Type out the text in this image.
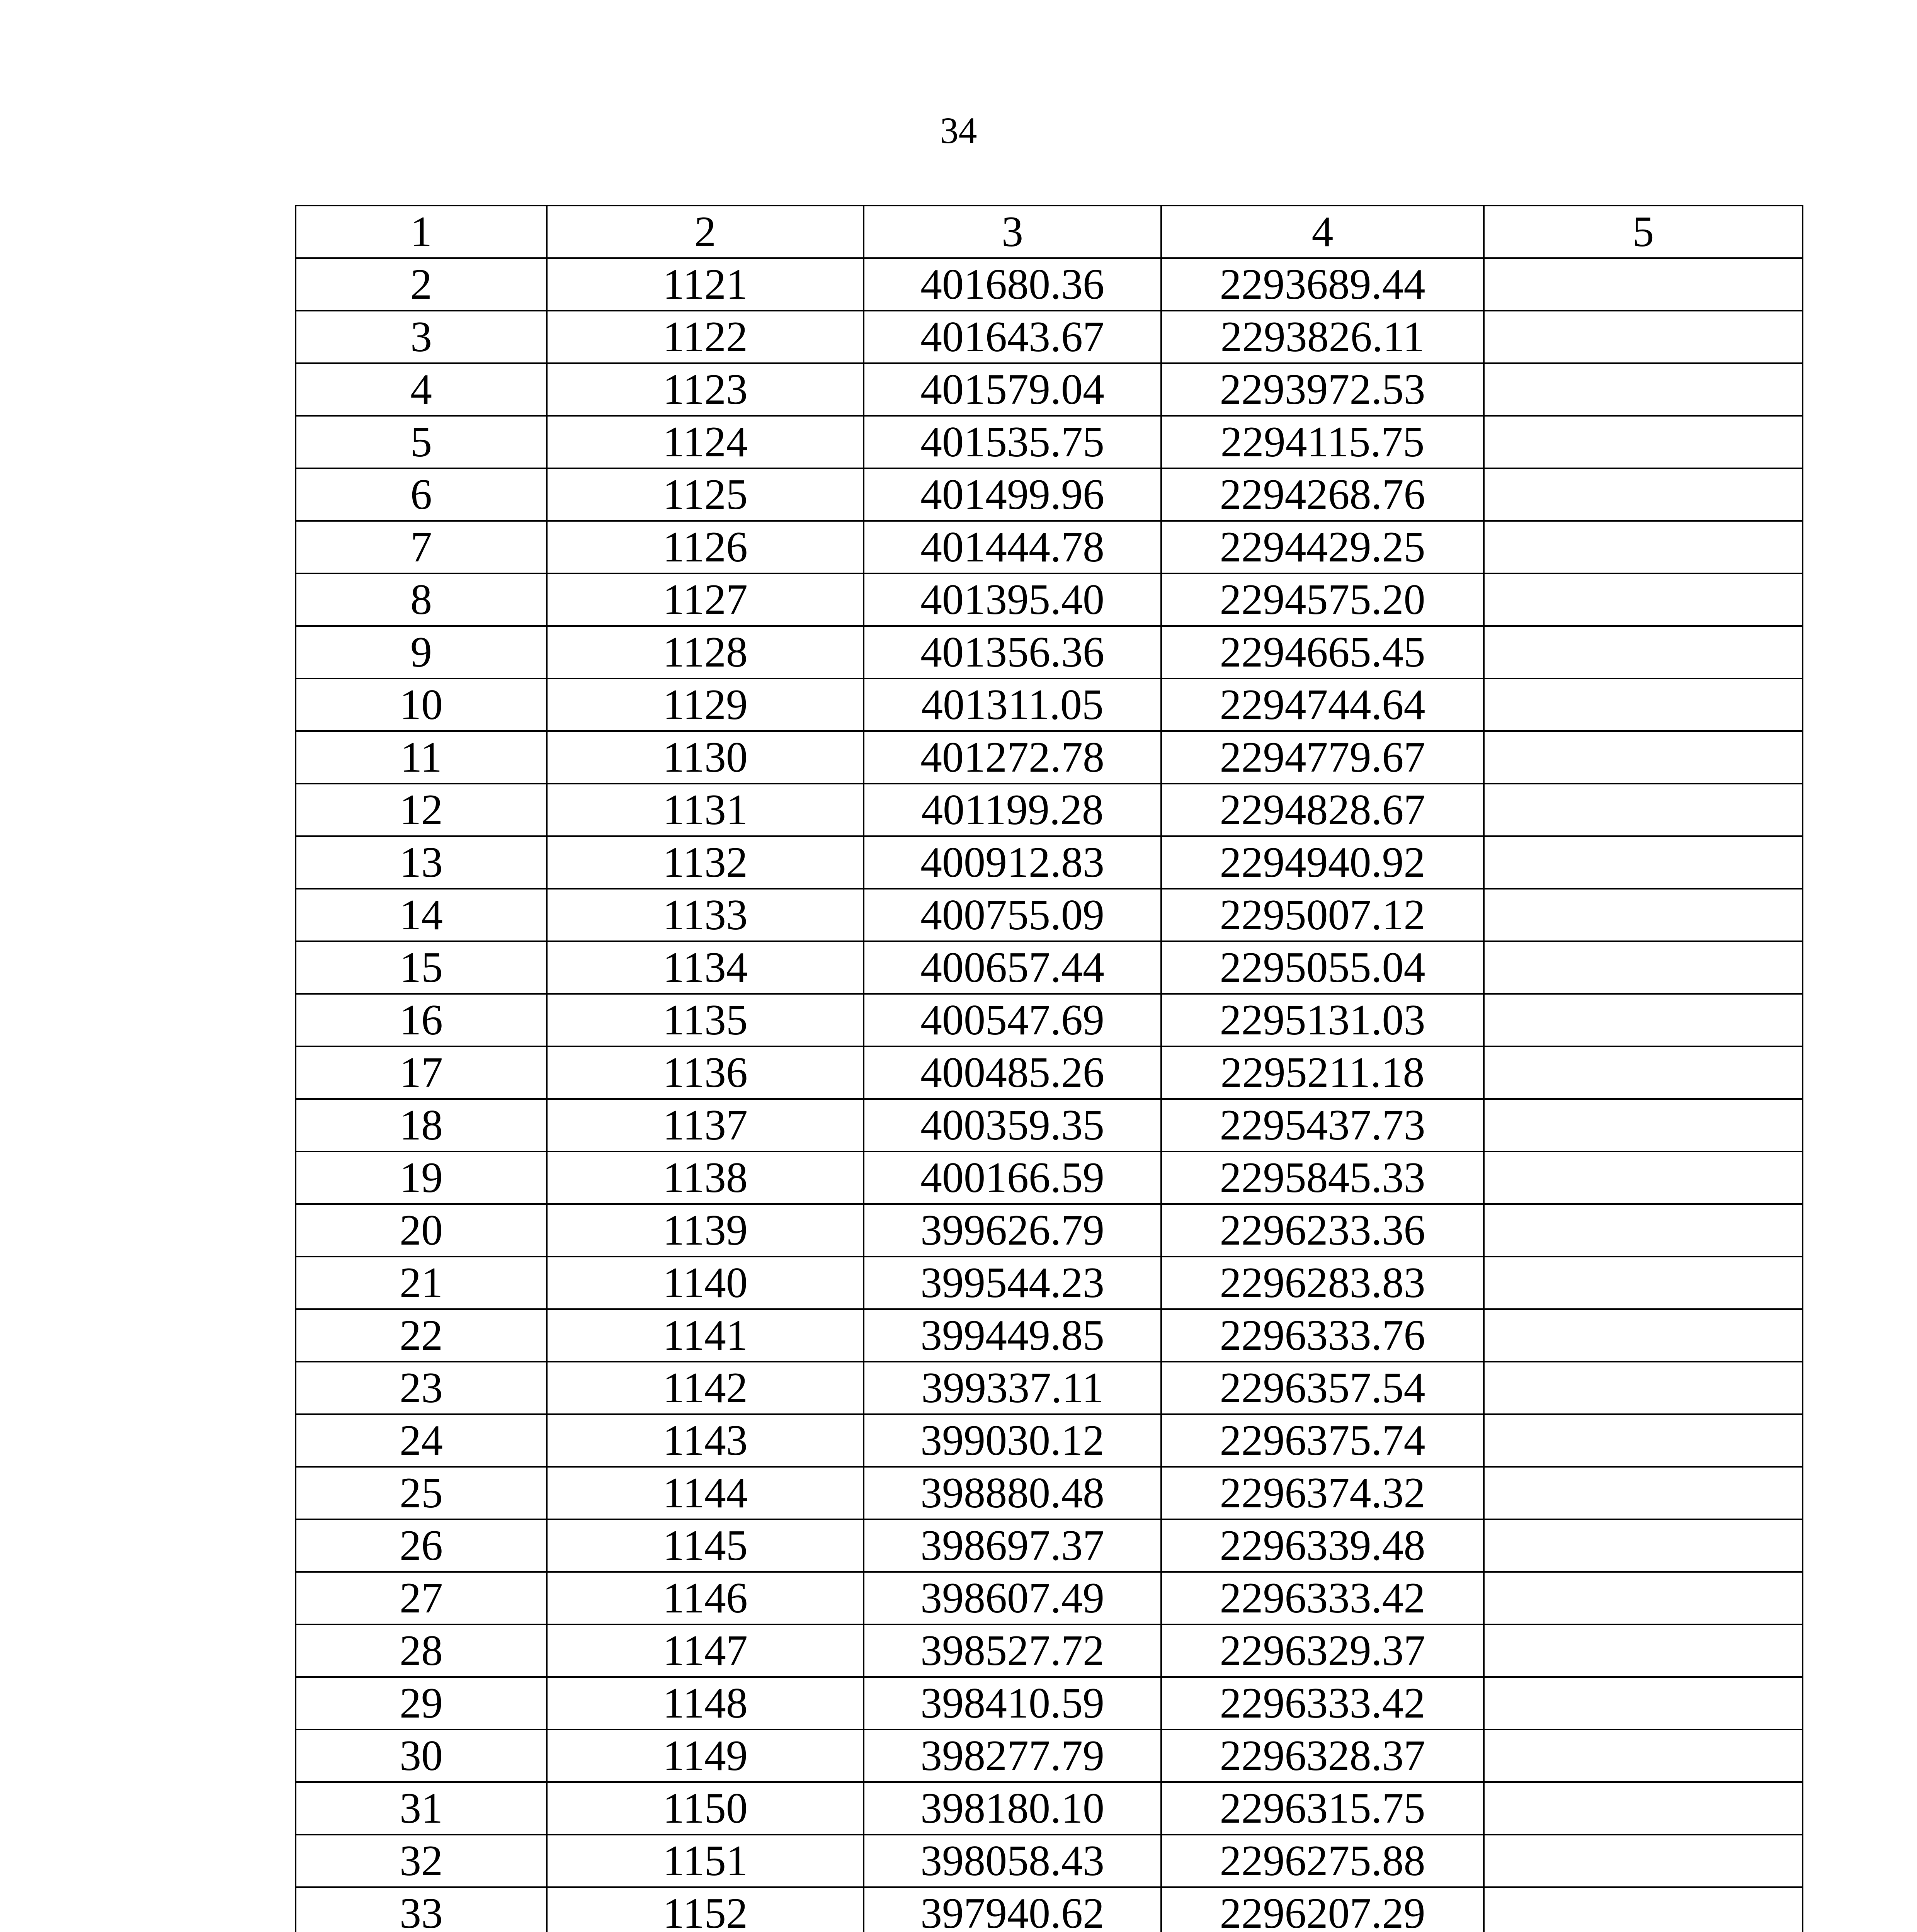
34
1	2	3	4	5
2	1121	401680.36	2293689.44	
3	1122	401643.67	2293826.11	
4	1123	401579.04	2293972.53	
5	1124	401535.75	2294115.75	
6	1125	401499.96	2294268.76	
7	1126	401444.78	2294429.25	
8	1127	401395.40	2294575.20	
9	1128	401356.36	2294665.45	
10	1129	401311.05	2294744.64	
11	1130	401272.78	2294779.67	
12	1131	401199.28	2294828.67	
13	1132	400912.83	2294940.92	
14	1133	400755.09	2295007.12	
15	1134	400657.44	2295055.04	
16	1135	400547.69	2295131.03	
17	1136	400485.26	2295211.18	
18	1137	400359.35	2295437.73	
19	1138	400166.59	2295845.33	
20	1139	399626.79	2296233.36	
21	1140	399544.23	2296283.83	
22	1141	399449.85	2296333.76	
23	1142	399337.11	2296357.54	
24	1143	399030.12	2296375.74	
25	1144	398880.48	2296374.32	
26	1145	398697.37	2296339.48	
27	1146	398607.49	2296333.42	
28	1147	398527.72	2296329.37	
29	1148	398410.59	2296333.42	
30	1149	398277.79	2296328.37	
31	1150	398180.10	2296315.75	
32	1151	398058.43	2296275.88	
33	1152	397940.62	2296207.29	
